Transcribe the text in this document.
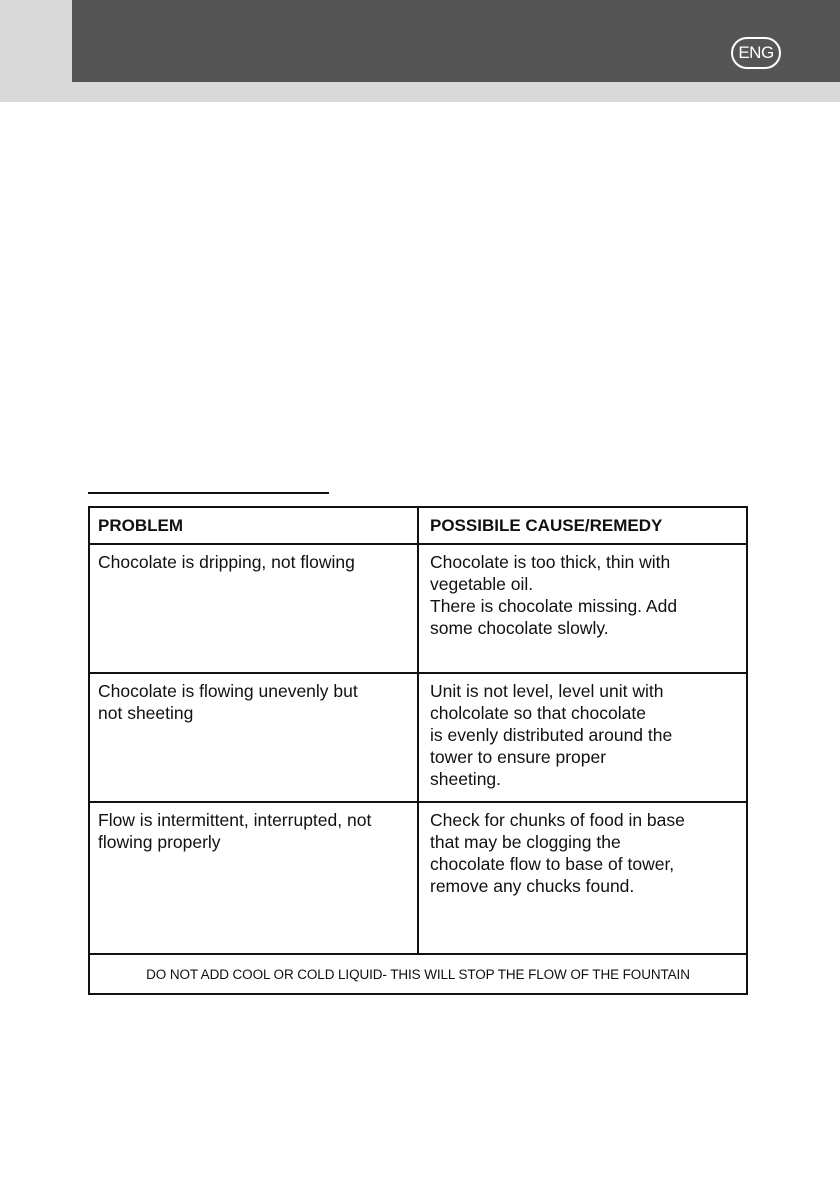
ENG
PROBLEM	POSSIBILE CAUSE/REMEDY
Chocolate is dripping, not flowing	Chocolate is too thick, thin with
vegetable oil.
There is chocolate missing. Add
some chocolate slowly.
Chocolate is flowing unevenly but
not sheeting
Unit is not level, level unit with
cholcolate so that chocolate
is evenly distributed around the
tower to ensure proper
sheeting.
Flow is intermittent, interrupted, not
flowing properly
Check for chunks of food in base
that may be clogging the
chocolate flow to base of tower,
remove any chucks found.
DO NOT ADD COOL OR COLD LIQUID- THIS WILL STOP THE FLOW OF THE FOUNTAIN
